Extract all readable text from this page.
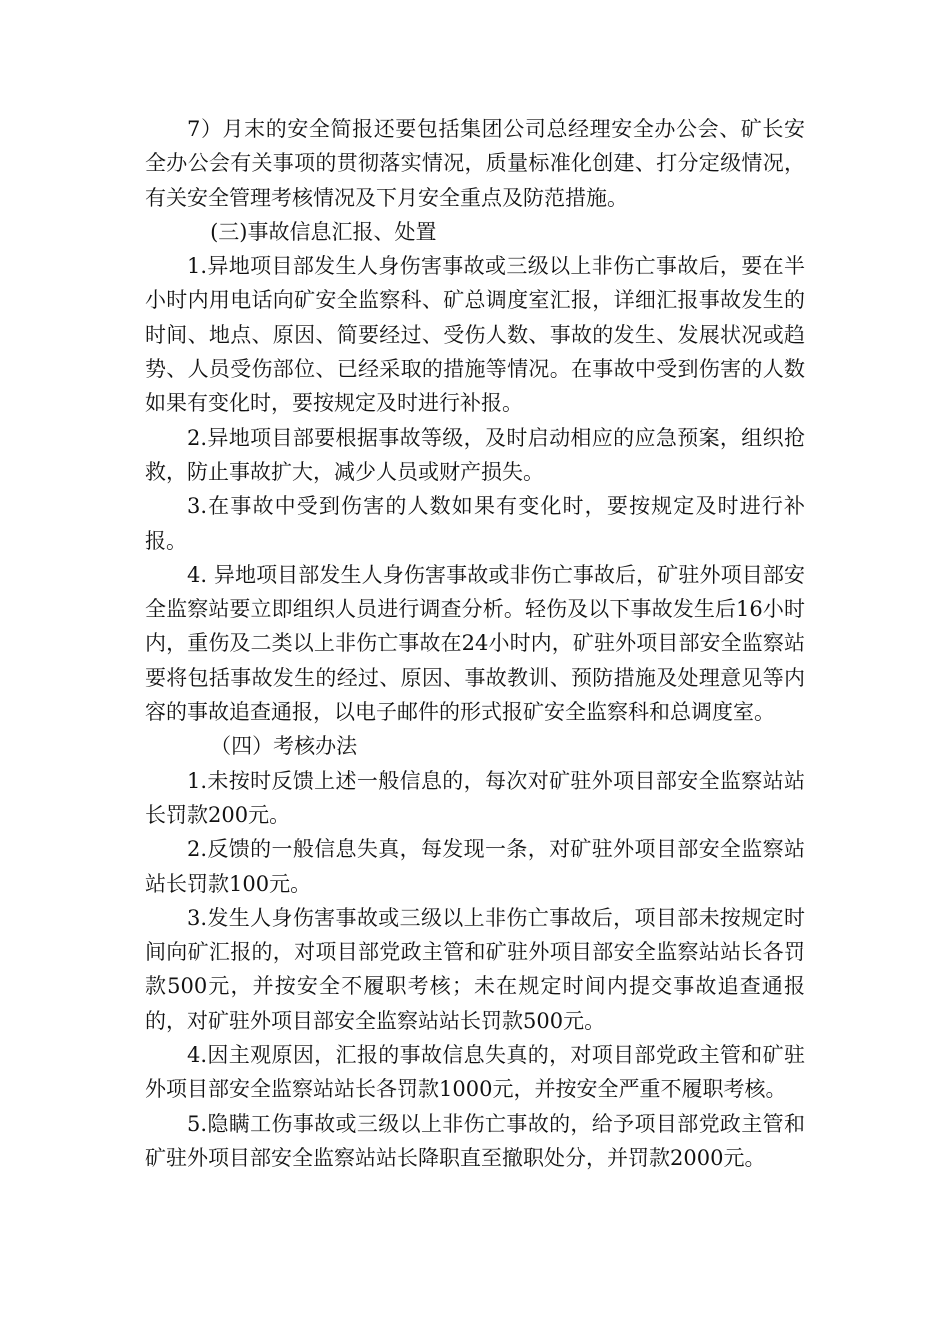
7）月末的安全简报还要包括集团公司总经理安全办公会、矿长安全办公会有关事项的贯彻落实情况，质量标准化创建、打分定级情况，有关安全管理考核情况及下月安全重点及防范措施。

(三)事故信息汇报、处置

1.异地项目部发生人身伤害事故或三级以上非伤亡事故后，要在半小时内用电话向矿安全监察科、矿总调度室汇报，详细汇报事故发生的时间、地点、原因、简要经过、受伤人数、事故的发生、发展状况或趋势、人员受伤部位、已经采取的措施等情况。在事故中受到伤害的人数如果有变化时，要按规定及时进行补报。

2.异地项目部要根据事故等级，及时启动相应的应急预案，组织抢救，防止事故扩大，减少人员或财产损失。

3.在事故中受到伤害的人数如果有变化时，要按规定及时进行补报。

4. 异地项目部发生人身伤害事故或非伤亡事故后，矿驻外项目部安全监察站要立即组织人员进行调查分析。轻伤及以下事故发生后16小时内，重伤及二类以上非伤亡事故在24小时内，矿驻外项目部安全监察站要将包括事故发生的经过、原因、事故教训、预防措施及处理意见等内容的事故追查通报，以电子邮件的形式报矿安全监察科和总调度室。

（四）考核办法

1.未按时反馈上述一般信息的，每次对矿驻外项目部安全监察站站长罚款200元。

2.反馈的一般信息失真，每发现一条，对矿驻外项目部安全监察站站长罚款100元。

3.发生人身伤害事故或三级以上非伤亡事故后，项目部未按规定时间向矿汇报的，对项目部党政主管和矿驻外项目部安全监察站站长各罚款500元，并按安全不履职考核；未在规定时间内提交事故追查通报的，对矿驻外项目部安全监察站站长罚款500元。

4.因主观原因，汇报的事故信息失真的，对项目部党政主管和矿驻外项目部安全监察站站长各罚款1000元，并按安全严重不履职考核。

5.隐瞒工伤事故或三级以上非伤亡事故的，给予项目部党政主管和矿驻外项目部安全监察站站长降职直至撤职处分，并罚款2000元。
